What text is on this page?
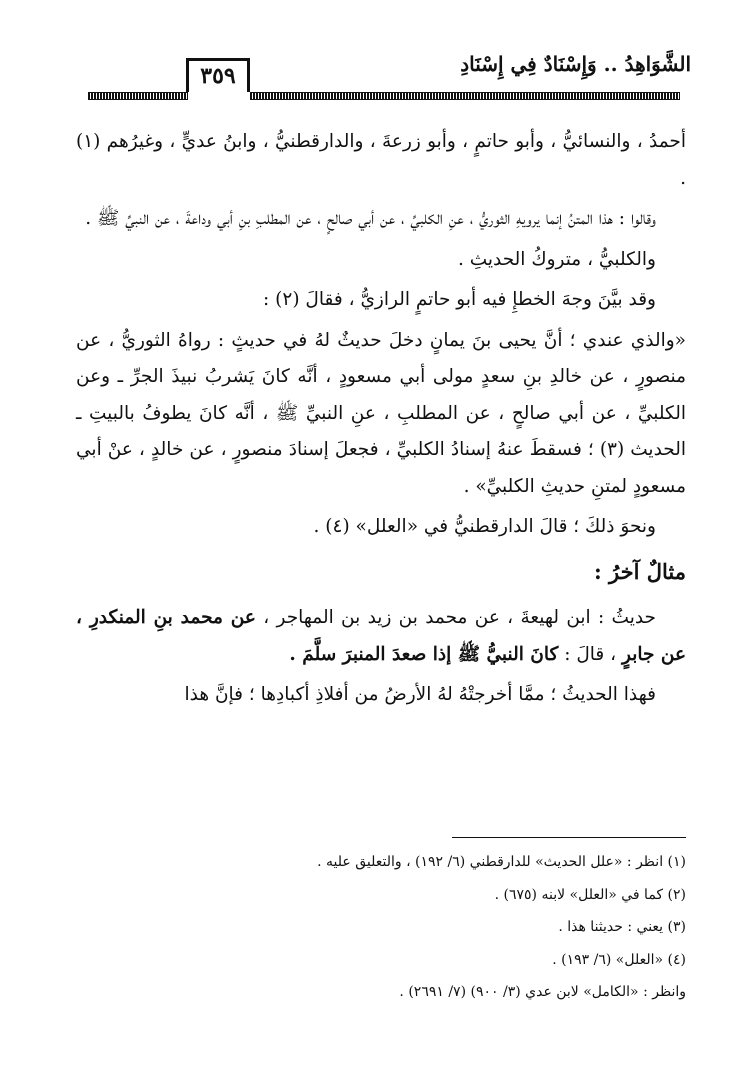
الشَّوَاهِدُ .. وَإِسْنَادٌ فِي إِسْنَادِ
٣٥٩

أحمدُ ، والنسائيُّ ، وأبو حاتمٍ ، وأبو زرعةَ ، والدارقطنيُّ ، وابنُ عديٍّ ، وغيرُهم (١) .

وقالوا : هذا المتنُ إنما يرويهِ الثوريُّ ، عنِ الكلبيِّ ، عن أبي صالحٍ ، عن المطلبِ بنِ أبي وداعةَ ، عن النبيِّ ﷺ .

والكلبيُّ ، متروكُ الحديثِ .

وقد بيَّنَ وجهَ الخطإِ فيه أبو حاتمٍ الرازيُّ ، فقالَ (٢) :

«والذي عندي ؛ أنَّ يحيى بنَ يمانٍ دخلَ حديثٌ لهُ في حديثٍ : رواهُ الثوريُّ ، عن منصورٍ ، عن خالدِ بنِ سعدٍ مولى أبي مسعودٍ ، أنَّه كانَ يَشربُ نبيذَ الجرِّ ـ وعن الكلبيِّ ، عن أبي صالحٍ ، عن المطلبِ ، عنِ النبيِّ ﷺ ، أنَّه كانَ يطوفُ بالبيتِ ـ الحديث (٣) ؛ فسقطَ عنهُ إسنادُ الكلبيِّ ، فجعلَ إسنادَ منصورٍ ، عن خالدٍ ، عنْ أبي مسعودٍ لمتنِ حديثِ الكلبيِّ» .

ونحوَ ذلكَ ؛ قالَ الدارقطنيُّ في «العلل» (٤) .

مثالٌ آخرُ :

حديثُ : ابن لهيعةَ ، عن محمد بن زيد بن المهاجر ، عن محمد بنِ المنكدرِ ، عن جابرٍ ، قالَ : كانَ النبيُّ ﷺ إذا صعدَ المنبرَ سلَّمَ .

فهذا الحديثُ ؛ ممَّا أخرجتْهُ لهُ الأرضُ من أفلاذِ أكبادِها ؛ فإنَّ هذا

(١) انظر : «علل الحديث» للدارقطني (٦/ ١٩٢) ، والتعليق عليه .
(٢) كما في «العلل» لابنه (٦٧٥) .
(٣) يعني : حديثنا هذا .
(٤) «العلل» (٦/ ١٩٣) .
وانظر : «الكامل» لابن عدي (٣/ ٩٠٠) (٧/ ٢٦٩١) .
